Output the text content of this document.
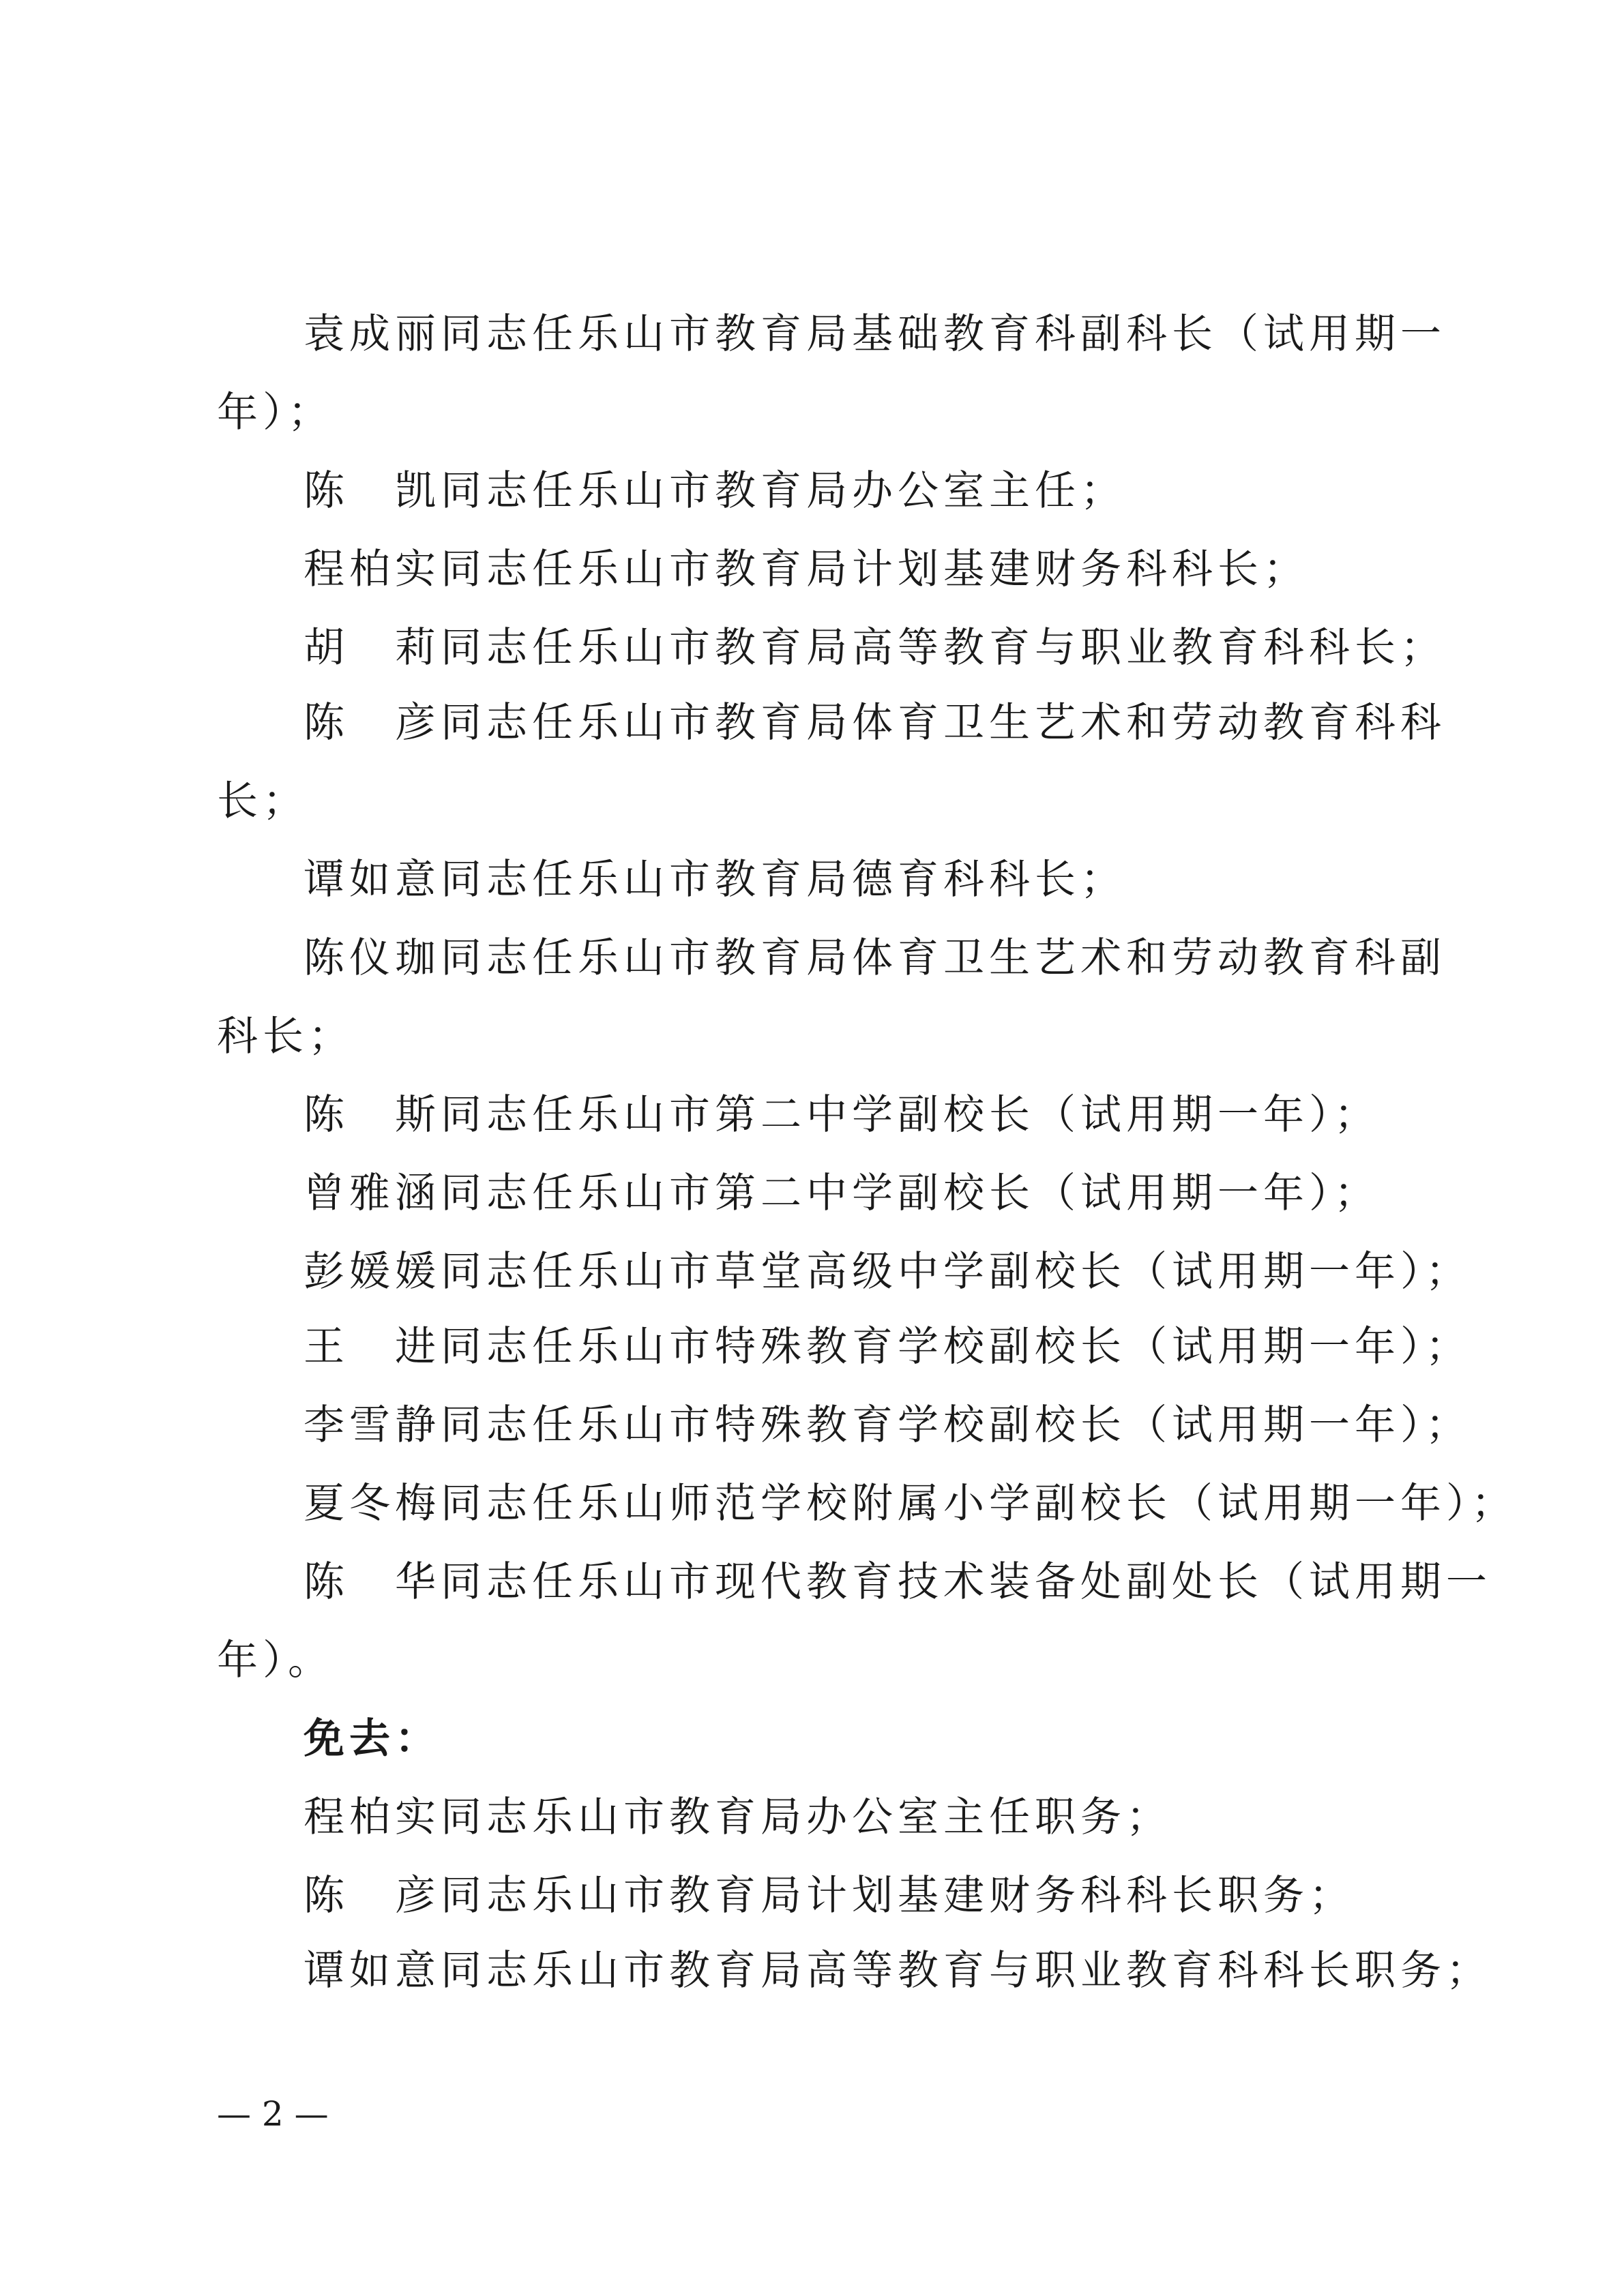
袁成丽同志任乐山市教育局基础教育科副科长（试用期一
年）；
陈　凯同志任乐山市教育局办公室主任；
程柏实同志任乐山市教育局计划基建财务科科长；
胡　莉同志任乐山市教育局高等教育与职业教育科科长；
陈　彦同志任乐山市教育局体育卫生艺术和劳动教育科科
长；
谭如意同志任乐山市教育局德育科科长；
陈仪珈同志任乐山市教育局体育卫生艺术和劳动教育科副
科长；
陈　斯同志任乐山市第二中学副校长（试用期一年）；
曾雅涵同志任乐山市第二中学副校长（试用期一年）；
彭媛媛同志任乐山市草堂高级中学副校长（试用期一年）；
王　进同志任乐山市特殊教育学校副校长（试用期一年）；
李雪静同志任乐山市特殊教育学校副校长（试用期一年）；
夏冬梅同志任乐山师范学校附属小学副校长（试用期一年）；
陈　华同志任乐山市现代教育技术装备处副处长（试用期一
年）。
免去：
程柏实同志乐山市教育局办公室主任职务；
陈　彦同志乐山市教育局计划基建财务科科长职务；
谭如意同志乐山市教育局高等教育与职业教育科科长职务；
— 2 —
